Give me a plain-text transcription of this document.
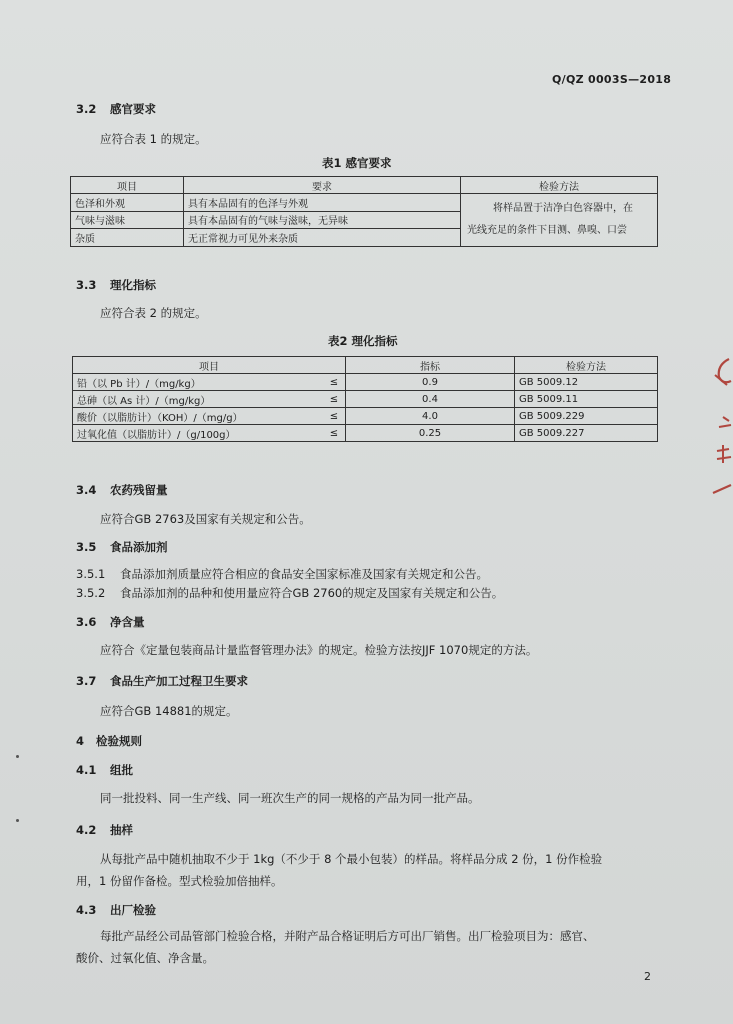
Q/QZ 0003S—2018
3.2 感官要求
应符合表 1 的规定。
表1 感官要求
项目	要求	检验方法
色泽和外观	具有本品固有的色泽与外观	将样品置于洁净白色容器中，在
光线充足的条件下目测、鼻嗅、口尝

气味与滋味	具有本品固有的气味与滋味，无异味	
杂质	无正常视力可见外来杂质	
3.3 理化指标
应符合表 2 的规定。
表2 理化指标
项目		指标	检验方法
铅（以 Pb 计）/（mg/kg）	≤	0.9	GB 5009.12
总砷（以 As 计）/（mg/kg）	≤	0.4	GB 5009.11
酸价（以脂肪计）（KOH）/（mg/g）	≤	4.0	GB 5009.229
过氧化值（以脂肪计）/（g/100g）	≤	0.25	GB 5009.227
3.4 农药残留量
应符合GB 2763及国家有关规定和公告。
3.5 食品添加剂
3.5.1 食品添加剂质量应符合相应的食品安全国家标准及国家有关规定和公告。
3.5.2 食品添加剂的品种和使用量应符合GB 2760的规定及国家有关规定和公告。
3.6 净含量
应符合《定量包装商品计量监督管理办法》的规定。检验方法按JJF 1070规定的方法。
3.7 食品生产加工过程卫生要求
应符合GB 14881的规定。
4 检验规则
4.1 组批
同一批投料、同一生产线、同一班次生产的同一规格的产品为同一批产品。
4.2 抽样
从每批产品中随机抽取不少于 1kg（不少于 8 个最小包装）的样品。将样品分成 2 份，1 份作检验
用，1 份留作备检。型式检验加倍抽样。
4.3 出厂检验
每批产品经公司品管部门检验合格，并附产品合格证明后方可出厂销售。出厂检验项目为：感官、
酸价、过氧化值、净含量。
2
